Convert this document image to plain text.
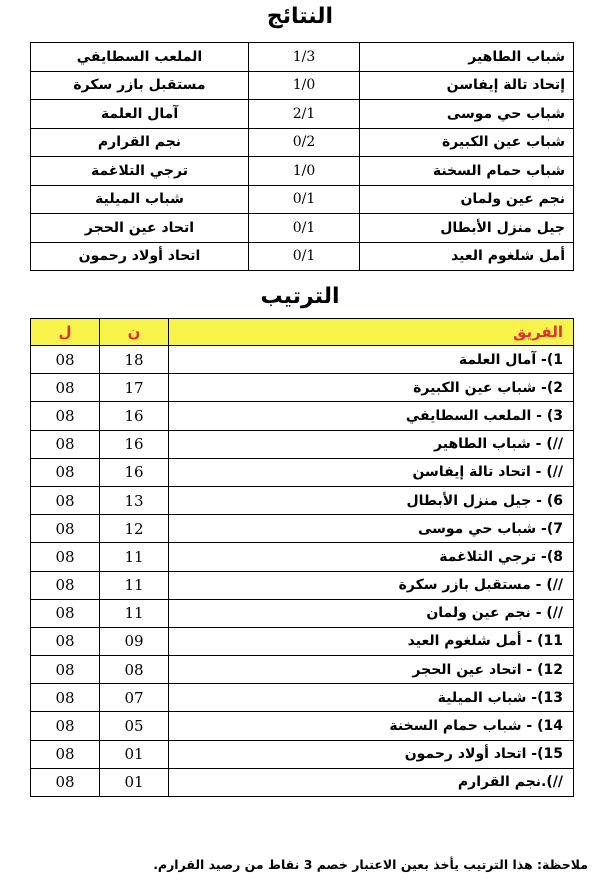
النتائج
شباب الطاهير	1/3	الملعب السطايفي
إتحاد تالة إيفاسن	1/0	مستقبل بازر سكرة
شباب حي موسى	2/1	آمال العلمة
شباب عين الكبيرة	0/2	نجم القرارم
شباب حمام السخنة	1/0	ترجي التلاغمة
نجم عين ولمان	0/1	شباب الميلية
جيل منزل الأبطال	0/1	اتحاد عين الحجر
أمل شلغوم العيد	0/1	اتحاد أولاد رحمون
الترتيب
الفريق	ن	ل
1)- آمال العلمة	18	08
2)- شباب عين الكبيرة	17	08
3) - الملعب السطايفي	16	08
//) - شباب الطاهير	16	08
//) - اتحاد تالة إيفاسن	16	08
6) - جيل منزل الأبطال	13	08
7)- شباب حي موسى	12	08
8)- ترجي التلاغمة	11	08
//) - مستقبل بازر سكرة	11	08
//) - نجم عين ولمان	11	08
11) - أمل شلغوم العيد	09	08
12) - اتحاد عين الحجر	08	08
13)- شباب الميلية	07	08
14) - شباب حمام السخنة	05	08
15)- اتحاد أولاد رحمون	01	08
//).نجم القرارم	01	08
ملاحظة: هذا الترتيب يأخذ بعين الاعتبار خصم 3 نقاط من رصيد القرارم.
